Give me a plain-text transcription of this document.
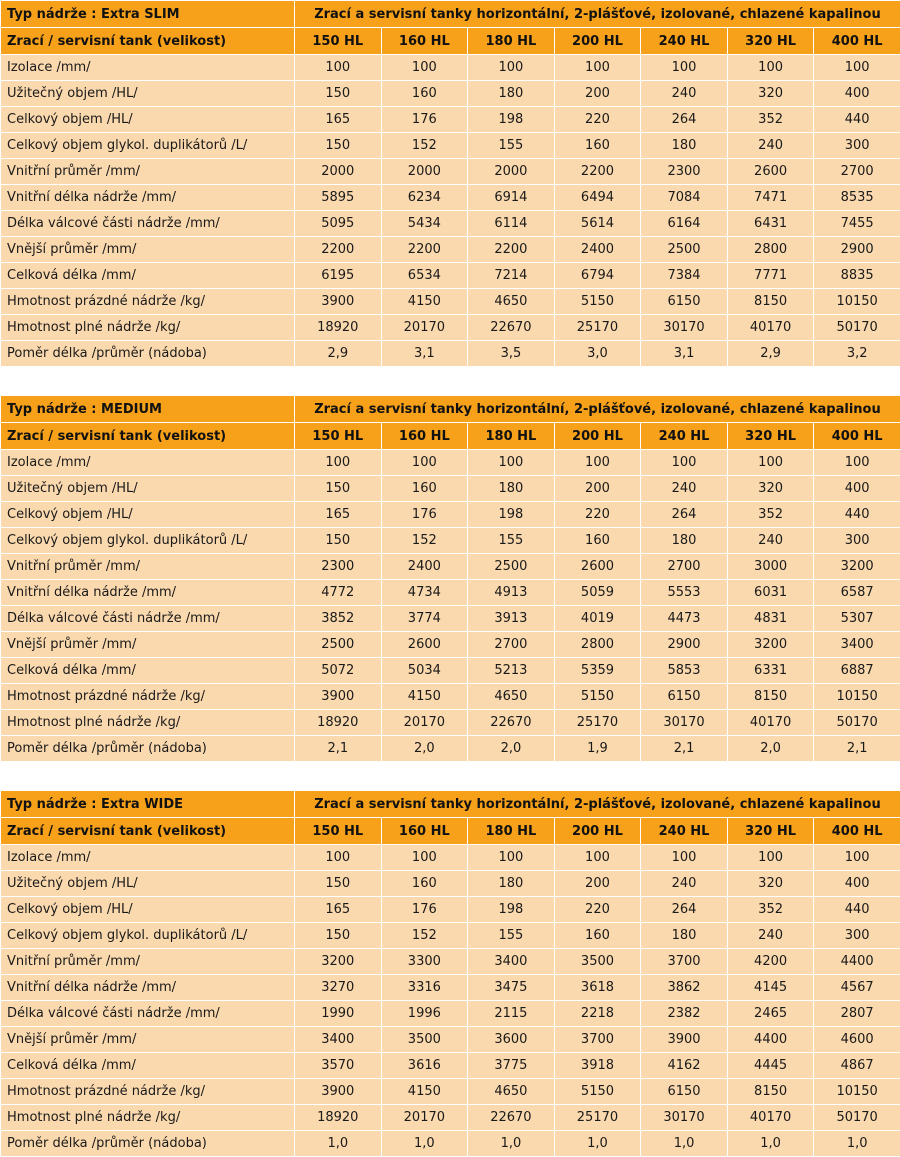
Typ nádrže : Extra SLIM	Zrací a servisní tanky horizontální, 2-plášťové, izolované, chlazené kapalinou						
Zrací / servisní tank (velikost)	150 HL	160 HL	180 HL	200 HL	240 HL	320 HL	400 HL
Izolace /mm/	100	100	100	100	100	100	100
Užitečný objem /HL/	150	160	180	200	240	320	400
Celkový objem /HL/	165	176	198	220	264	352	440
Celkový objem glykol. duplikátorů /L/	150	152	155	160	180	240	300
Vnitřní průměr /mm/	2000	2000	2000	2200	2300	2600	2700
Vnitřní délka nádrže /mm/	5895	6234	6914	6494	7084	7471	8535
Délka válcové části nádrže /mm/	5095	5434	6114	5614	6164	6431	7455
Vnější průměr /mm/	2200	2200	2200	2400	2500	2800	2900
Celková délka /mm/	6195	6534	7214	6794	7384	7771	8835
Hmotnost prázdné nádrže /kg/	3900	4150	4650	5150	6150	8150	10150
Hmotnost plné nádrže /kg/	18920	20170	22670	25170	30170	40170	50170
Poměr délka /průměr (nádoba)	2,9	3,1	3,5	3,0	3,1	2,9	3,2
Typ nádrže : MEDIUM	Zrací a servisní tanky horizontální, 2-plášťové, izolované, chlazené kapalinou						
Zrací / servisní tank (velikost)	150 HL	160 HL	180 HL	200 HL	240 HL	320 HL	400 HL
Izolace /mm/	100	100	100	100	100	100	100
Užitečný objem /HL/	150	160	180	200	240	320	400
Celkový objem /HL/	165	176	198	220	264	352	440
Celkový objem glykol. duplikátorů /L/	150	152	155	160	180	240	300
Vnitřní průměr /mm/	2300	2400	2500	2600	2700	3000	3200
Vnitřní délka nádrže /mm/	4772	4734	4913	5059	5553	6031	6587
Délka válcové části nádrže /mm/	3852	3774	3913	4019	4473	4831	5307
Vnější průměr /mm/	2500	2600	2700	2800	2900	3200	3400
Celková délka /mm/	5072	5034	5213	5359	5853	6331	6887
Hmotnost prázdné nádrže /kg/	3900	4150	4650	5150	6150	8150	10150
Hmotnost plné nádrže /kg/	18920	20170	22670	25170	30170	40170	50170
Poměr délka /průměr (nádoba)	2,1	2,0	2,0	1,9	2,1	2,0	2,1
Typ nádrže : Extra WIDE	Zrací a servisní tanky horizontální, 2-plášťové, izolované, chlazené kapalinou						
Zrací / servisní tank (velikost)	150 HL	160 HL	180 HL	200 HL	240 HL	320 HL	400 HL
Izolace /mm/	100	100	100	100	100	100	100
Užitečný objem /HL/	150	160	180	200	240	320	400
Celkový objem /HL/	165	176	198	220	264	352	440
Celkový objem glykol. duplikátorů /L/	150	152	155	160	180	240	300
Vnitřní průměr /mm/	3200	3300	3400	3500	3700	4200	4400
Vnitřní délka nádrže /mm/	3270	3316	3475	3618	3862	4145	4567
Délka válcové části nádrže /mm/	1990	1996	2115	2218	2382	2465	2807
Vnější průměr /mm/	3400	3500	3600	3700	3900	4400	4600
Celková délka /mm/	3570	3616	3775	3918	4162	4445	4867
Hmotnost prázdné nádrže /kg/	3900	4150	4650	5150	6150	8150	10150
Hmotnost plné nádrže /kg/	18920	20170	22670	25170	30170	40170	50170
Poměr délka /průměr (nádoba)	1,0	1,0	1,0	1,0	1,0	1,0	1,0
